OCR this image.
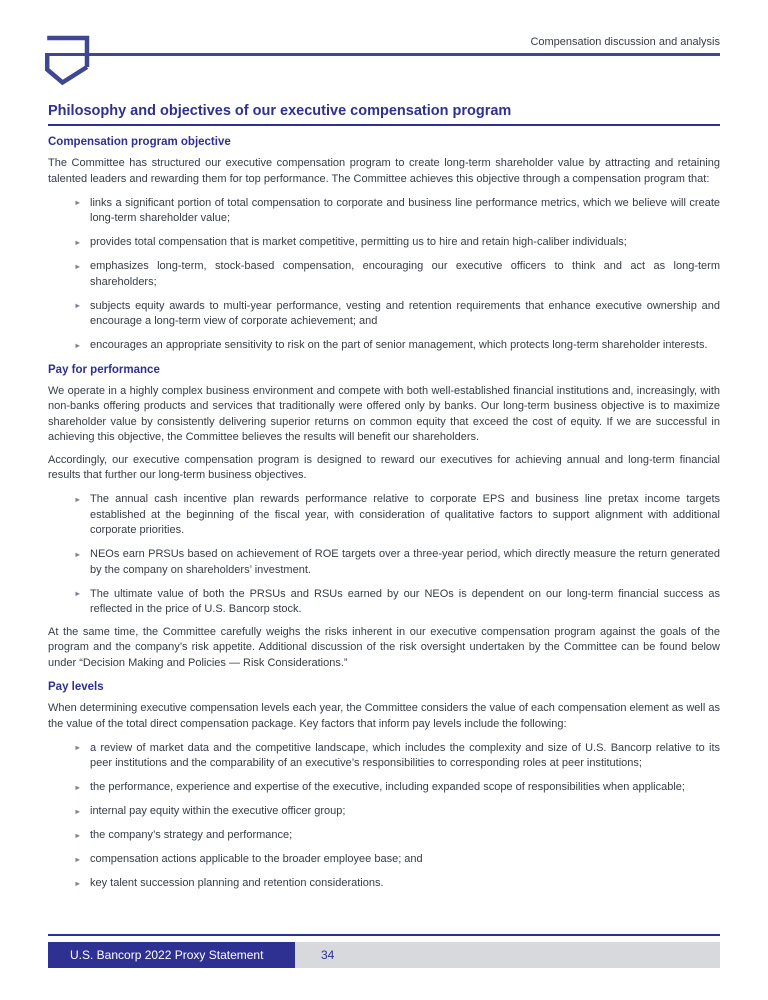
Compensation discussion and analysis
Philosophy and objectives of our executive compensation program
Compensation program objective

The Committee has structured our executive compensation program to create long-term shareholder value by attracting and retaining talented leaders and rewarding them for top performance. The Committee achieves this objective through a compensation program that:

► links a significant portion of total compensation to corporate and business line performance metrics, which we believe will create long-term shareholder value;
► provides total compensation that is market competitive, permitting us to hire and retain high-caliber individuals;
► emphasizes long-term, stock-based compensation, encouraging our executive officers to think and act as long-term shareholders;
► subjects equity awards to multi-year performance, vesting and retention requirements that enhance executive ownership and encourage a long-term view of corporate achievement; and
► encourages an appropriate sensitivity to risk on the part of senior management, which protects long-term shareholder interests.
Pay for performance

We operate in a highly complex business environment and compete with both well-established financial institutions and, increasingly, with non-banks offering products and services that traditionally were offered only by banks. Our long-term business objective is to maximize shareholder value by consistently delivering superior returns on common equity that exceed the cost of equity. If we are successful in achieving this objective, the Committee believes the results will benefit our shareholders.

Accordingly, our executive compensation program is designed to reward our executives for achieving annual and long-term financial results that further our long-term business objectives.

► The annual cash incentive plan rewards performance relative to corporate EPS and business line pretax income targets established at the beginning of the fiscal year, with consideration of qualitative factors to support alignment with additional corporate priorities.
► NEOs earn PRSUs based on achievement of ROE targets over a three-year period, which directly measure the return generated by the company on shareholders’ investment.
► The ultimate value of both the PRSUs and RSUs earned by our NEOs is dependent on our long-term financial success as reflected in the price of U.S. Bancorp stock.

At the same time, the Committee carefully weighs the risks inherent in our executive compensation program against the goals of the program and the company’s risk appetite. Additional discussion of the risk oversight undertaken by the Committee can be found below under “Decision Making and Policies — Risk Considerations.”

Pay levels

When determining executive compensation levels each year, the Committee considers the value of each compensation element as well as the value of the total direct compensation package. Key factors that inform pay levels include the following:

► a review of market data and the competitive landscape, which includes the complexity and size of U.S. Bancorp relative to its peer institutions and the comparability of an executive’s responsibilities to corresponding roles at peer institutions;
► the performance, experience and expertise of the executive, including expanded scope of responsibilities when applicable;
► internal pay equity within the executive officer group;
► the company’s strategy and performance;
► compensation actions applicable to the broader employee base; and
► key talent succession planning and retention considerations.
U.S. Bancorp 2022 Proxy Statement	34
